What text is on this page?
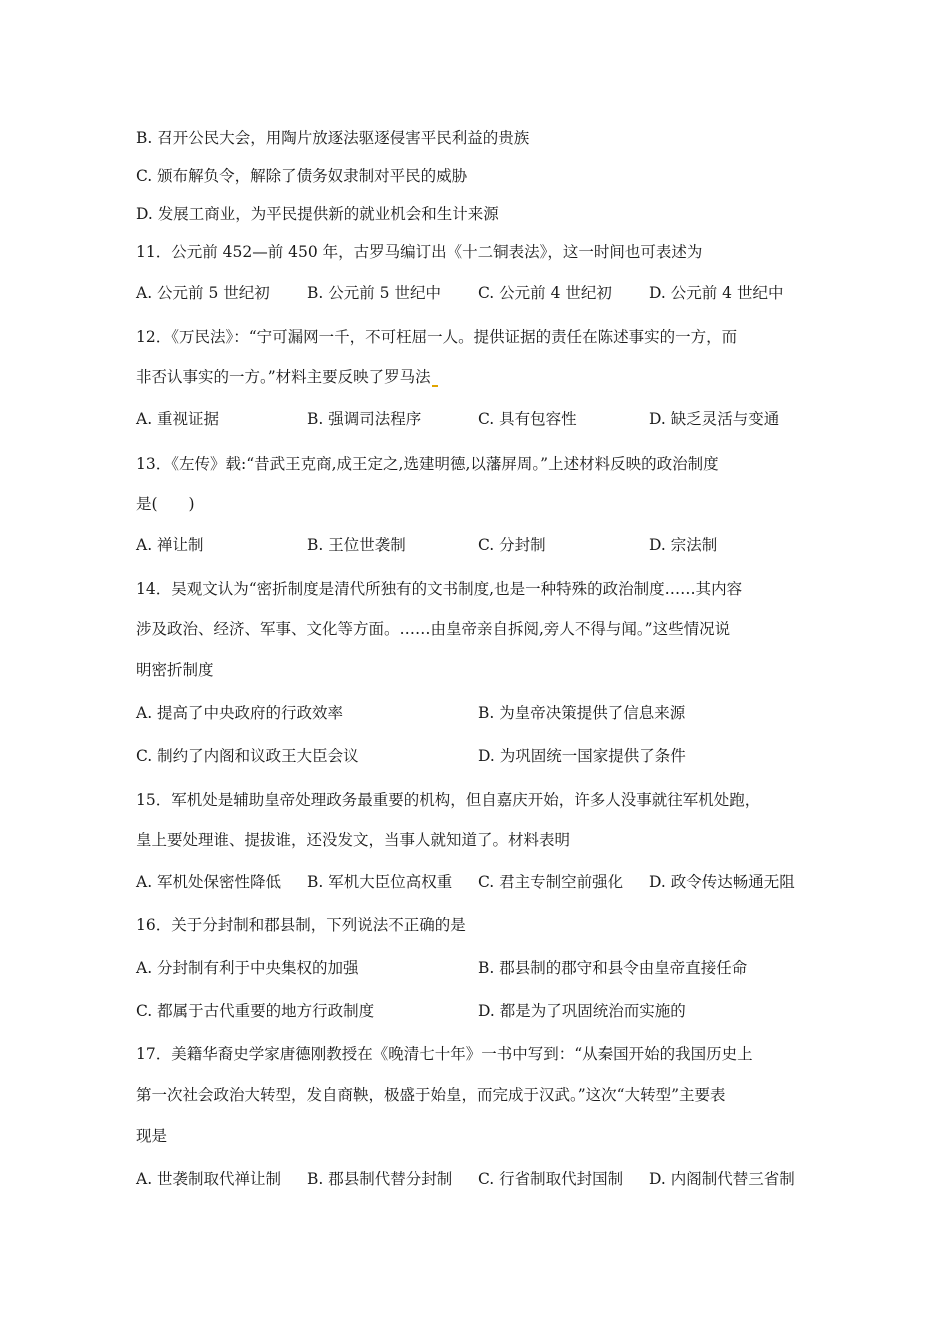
B. 召开公民大会，用陶片放逐法驱逐侵害平民利益的贵族
C. 颁布解负令，解除了债务奴隶制对平民的威胁
D. 发展工商业，为平民提供新的就业机会和生计来源
11．公元前 452—前 450 年，古罗马编订出《十二铜表法》，这一时间也可表述为
A. 公元前 5 世纪初 B. 公元前 5 世纪中 C. 公元前 4 世纪初 D. 公元前 4 世纪中
12．《万民法》：“宁可漏网一千，不可枉屈一人。提供证据的责任在陈述事实的一方，而
非否认事实的一方。”材料主要反映了罗马法
A. 重视证据	B. 强调司法程序	C. 具有包容性	D. 缺乏灵活与变通
13．《左传》载:“昔武王克商,成王定之,选建明德,以藩屏周。”上述材料反映的政治制度
是(　　)
A. 禅让制	B. 王位世袭制	C. 分封制	D. 宗法制
14．吴观文认为“密折制度是清代所独有的文书制度,也是一种特殊的政治制度……其内容
涉及政治、经济、军事、文化等方面。……由皇帝亲自拆阅,旁人不得与闻。”这些情况说
明密折制度
A. 提高了中央政府的行政效率	B. 为皇帝决策提供了信息来源
C. 制约了内阁和议政王大臣会议	D. 为巩固统一国家提供了条件
15．军机处是辅助皇帝处理政务最重要的机构，但自嘉庆开始，许多人没事就往军机处跑，
皇上要处理谁、提拔谁，还没发文，当事人就知道了。材料表明
A. 军机处保密性降低 B. 军机大臣位高权重 C. 君主专制空前强化 D. 政令传达畅通无阻
16．关于分封制和郡县制，下列说法不正确的是
A. 分封制有利于中央集权的加强	B. 郡县制的郡守和县令由皇帝直接任命
C. 都属于古代重要的地方行政制度	D. 都是为了巩固统治而实施的
17．美籍华裔史学家唐德刚教授在《晚清七十年》一书中写到：“从秦国开始的我国历史上
第一次社会政治大转型，发自商鞅，极盛于始皇，而完成于汉武。”这次“大转型”主要表
现是
A. 世袭制取代禅让制 B. 郡县制代替分封制 C. 行省制取代封国制 D. 内阁制代替三省制
